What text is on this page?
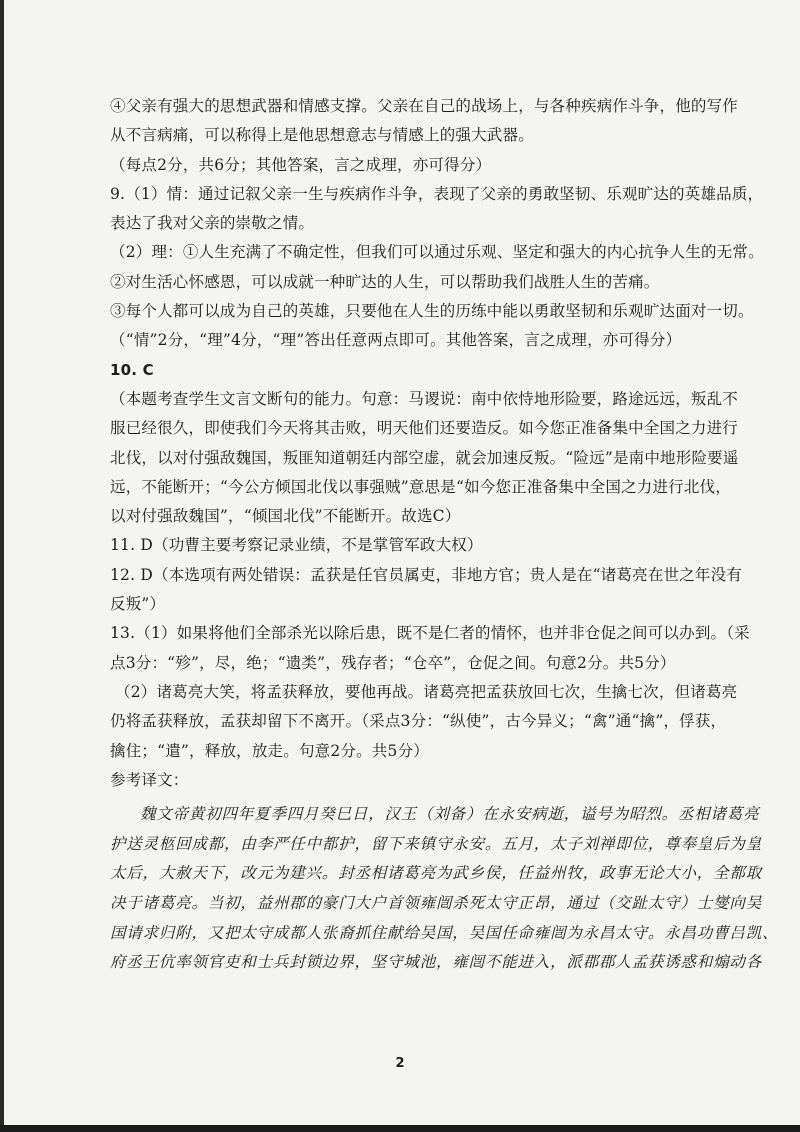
④父亲有强大的思想武器和情感支撑。父亲在自己的战场上，与各种疾病作斗争，他的写作
从不言病痛，可以称得上是他思想意志与情感上的强大武器。
（每点2分，共6分；其他答案，言之成理，亦可得分）
9.（1）情：通过记叙父亲一生与疾病作斗争，表现了父亲的勇敢坚韧、乐观旷达的英雄品质，
表达了我对父亲的崇敬之情。
（2）理：①人生充满了不确定性，但我们可以通过乐观、坚定和强大的内心抗争人生的无常。
②对生活心怀感恩，可以成就一种旷达的人生，可以帮助我们战胜人生的苦痛。
③每个人都可以成为自己的英雄，只要他在人生的历练中能以勇敢坚韧和乐观旷达面对一切。
（“情”2分，“理”4分，“理”答出任意两点即可。其他答案，言之成理，亦可得分）
10. C
（本题考查学生文言文断句的能力。句意：马谡说：南中依恃地形险要，路途远远，叛乱不
服已经很久，即使我们今天将其击败，明天他们还要造反。如今您正准备集中全国之力进行
北伐，以对付强敌魏国，叛匪知道朝廷内部空虚，就会加速反叛。“险远”是南中地形险要遥
远，不能断开；“今公方倾国北伐以事强贼”意思是“如今您正准备集中全国之力进行北伐，
以对付强敌魏国”，“倾国北伐”不能断开。故选C）
11. D（功曹主要考察记录业绩，不是掌管军政大权）
12. D（本选项有两处错误：孟获是任官员属吏，非地方官；贵人是在“诸葛亮在世之年没有
反叛”）
13.（1）如果将他们全部杀光以除后患，既不是仁者的情怀，也并非仓促之间可以办到。（采
点3分：“殄”，尽，绝；“遗类”，残存者；“仓卒”，仓促之间。句意2分。共5分）
（2）诸葛亮大笑，将孟获释放，要他再战。诸葛亮把孟获放回七次，生擒七次，但诸葛亮
仍将孟获释放，孟获却留下不离开。（采点3分：“纵使”，古今异义；“禽”通“擒”，俘获，
擒住；“遣”，释放，放走。句意2分。共5分）
参考译文：
魏文帝黄初四年夏季四月癸巳日，汉王（刘备）在永安病逝，谥号为昭烈。丞相诸葛亮
护送灵柩回成都，由李严任中都护，留下来镇守永安。五月，太子刘禅即位，尊奉皇后为皇
太后，大赦天下，改元为建兴。封丞相诸葛亮为武乡侯，任益州牧，政事无论大小，全都取
决于诸葛亮。当初，益州郡的豪门大户首领雍闿杀死太守正昂，通过（交趾太守）士燮向吴
国请求归附，又把太守成都人张裔抓住献给吴国，吴国任命雍闿为永昌太守。永昌功曹吕凯、
府丞王伉率领官吏和士兵封锁边界，坚守城池，雍闿不能进入，派郡郡人孟获诱惑和煽动各
2
